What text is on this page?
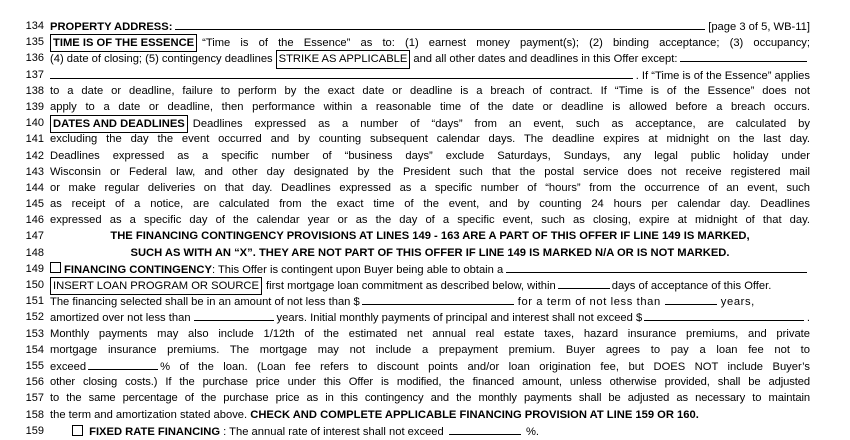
134 PROPERTY ADDRESS:	[page 3 of 5, WB-11]
135 TIME IS OF THE ESSENCE “Time is of the Essence” as to: (1) earnest money payment(s); (2) binding acceptance; (3) occupancy;
136 (4) date of closing; (5) contingency deadlines STRIKE AS APPLICABLE and all other dates and deadlines in this Offer except:
137	. If “Time is of the Essence” applies
138 to a date or deadline, failure to perform by the exact date or deadline is a breach of contract. If “Time is of the Essence” does not
139 apply to a date or deadline, then performance within a reasonable time of the date or deadline is allowed before a breach occurs.
140 DATES AND DEADLINES Deadlines expressed as a number of “days” from an event, such as acceptance, are calculated by
141 excluding the day the event occurred and by counting subsequent calendar days. The deadline expires at midnight on the last day.
142 Deadlines expressed as a specific number of “business days” exclude Saturdays, Sundays, any legal public holiday under
143 Wisconsin or Federal law, and other day designated by the President such that the postal service does not receive registered mail
144 or make regular deliveries on that day. Deadlines expressed as a specific number of “hours” from the occurrence of an event, such
145 as receipt of a notice, are calculated from the exact time of the event, and by counting 24 hours per calendar day. Deadlines
146 expressed as a specific day of the calendar year or as the day of a specific event, such as closing, expire at midnight of that day.
147	THE FINANCING CONTINGENCY PROVISIONS AT LINES 149 - 163 ARE A PART OF THIS OFFER IF LINE 149 IS MARKED,
148	SUCH AS WITH AN “X”. THEY ARE NOT PART OF THIS OFFER IF LINE 149 IS MARKED N/A OR IS NOT MARKED.
149 FINANCING CONTINGENCY : This Offer is contingent upon Buyer being able to obtain a
150 INSERT LOAN PROGRAM OR SOURCE first mortgage loan commitment as described below, within	days of acceptance of this Offer.
151 The financing selected shall be in an amount of not less than $	for a term of not less than	years,
152 amortized over not less than	years. Initial monthly payments of principal and interest shall not exceed $	.
153 Monthly payments may also include 1/12th of the estimated net annual real estate taxes, hazard insurance premiums, and private
154 mortgage insurance premiums. The mortgage may not include a prepayment premium. Buyer agrees to pay a loan fee not to
155 exceed	% of the loan. (Loan fee refers to discount points and/or loan origination fee, but DOES NOT include Buyer’s
156 other closing costs.) If the purchase price under this Offer is modified, the financed amount, unless otherwise provided, shall be adjusted
157 to the same percentage of the purchase price as in this contingency and the monthly payments shall be adjusted as necessary to maintain
158 the term and amortization stated above. CHECK AND COMPLETE APPLICABLE FINANCING PROVISION AT LINE 159 OR 160.
159	FIXED RATE FINANCING : The annual rate of interest shall not exceed	%.
